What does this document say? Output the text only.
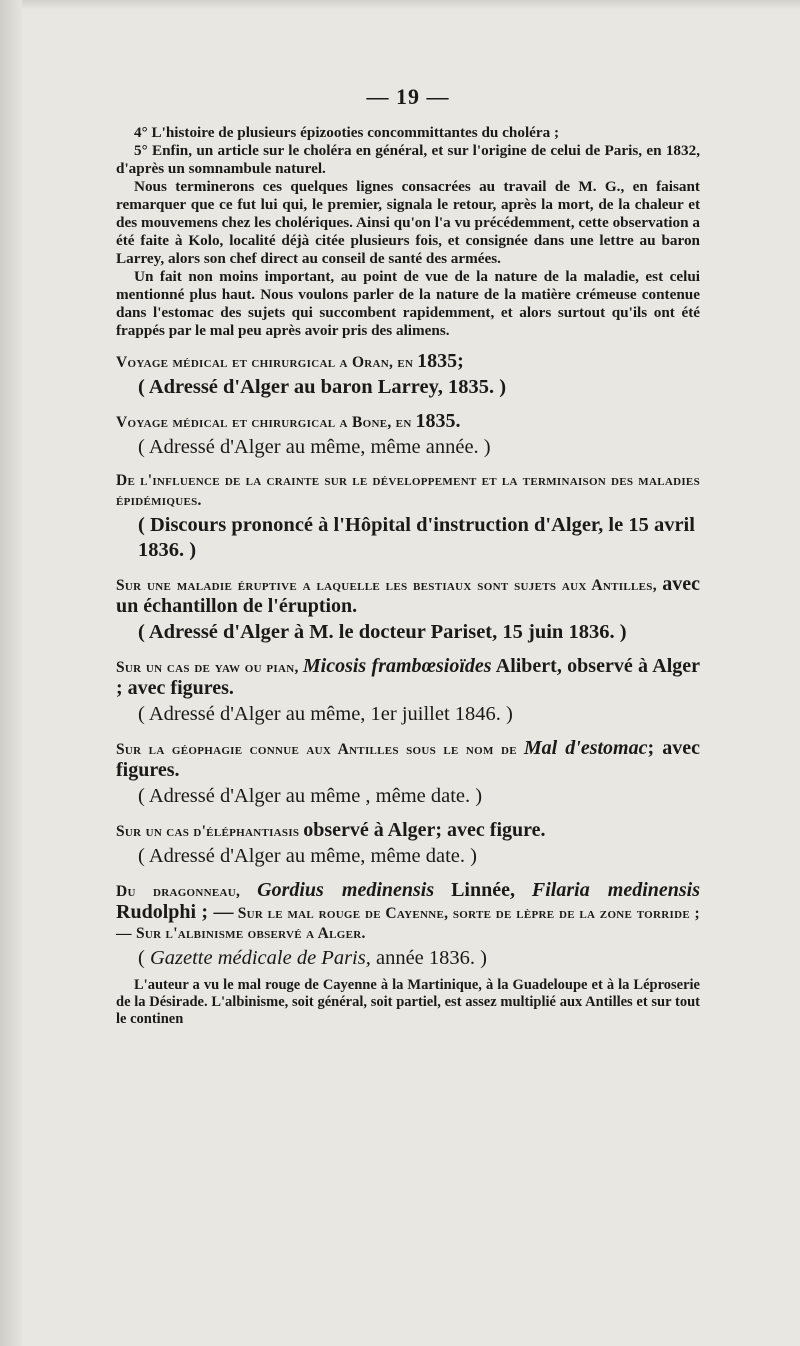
— 19 —

4° L'histoire de plusieurs épizooties concommittantes du choléra ;

5° Enfin, un article sur le choléra en général, et sur l'origine de celui de Paris, en 1832, d'après un somnambule naturel.

Nous terminerons ces quelques lignes consacrées au travail de M. G., en faisant remarquer que ce fut lui qui, le premier, signala le retour, après la mort, de la chaleur et des mouvemens chez les cholériques. Ainsi qu'on l'a vu précédemment, cette observation a été faite à Kolo, localité déjà citée plusieurs fois, et consignée dans une lettre au baron Larrey, alors son chef direct au conseil de santé des armées.

Un fait non moins important, au point de vue de la nature de la maladie, est celui mentionné plus haut. Nous voulons parler de la nature de la matière crémeuse contenue dans l'estomac des sujets qui succombent rapidemment, et alors surtout qu'ils ont été frappés par le mal peu après avoir pris des alimens.

Voyage médical et chirurgical a Oran, en 1835;

( Adressé d'Alger au baron Larrey, 1835. )

Voyage médical et chirurgical a Bone, en 1835.

( Adressé d'Alger au même, même année. )

De l'influence de la crainte sur le développement et la terminaison des maladies épidémiques.

( Discours prononcé à l'Hôpital d'instruction d'Alger, le 15 avril 1836. )

Sur une maladie éruptive a laquelle les bestiaux sont sujets aux Antilles, avec un échantillon de l'éruption.

( Adressé d'Alger à M. le docteur Pariset, 15 juin 1836. )

Sur un cas de yaw ou pian, Micosis frambœsioïdes Alibert, observé à Alger ; avec figures.

( Adressé d'Alger au même, 1er juillet 1846. )

Sur la géophagie connue aux Antilles sous le nom de Mal d'estomac; avec figures.

( Adressé d'Alger au même , même date. )

Sur un cas d'éléphantiasis observé à Alger; avec figure.

( Adressé d'Alger au même, même date. )

Du dragonneau, Gordius medinensis Linnée, Filaria medinensis Rudolphi ; — Sur le mal rouge de Cayenne, sorte de lèpre de la zone torride ; — Sur l'albinisme observé a Alger.

( Gazette médicale de Paris, année 1836. )

L'auteur a vu le mal rouge de Cayenne à la Martinique, à la Guadeloupe et à la Léproserie de la Désirade. L'albinisme, soit général, soit partiel, est assez multiplié aux Antilles et sur tout le continen
